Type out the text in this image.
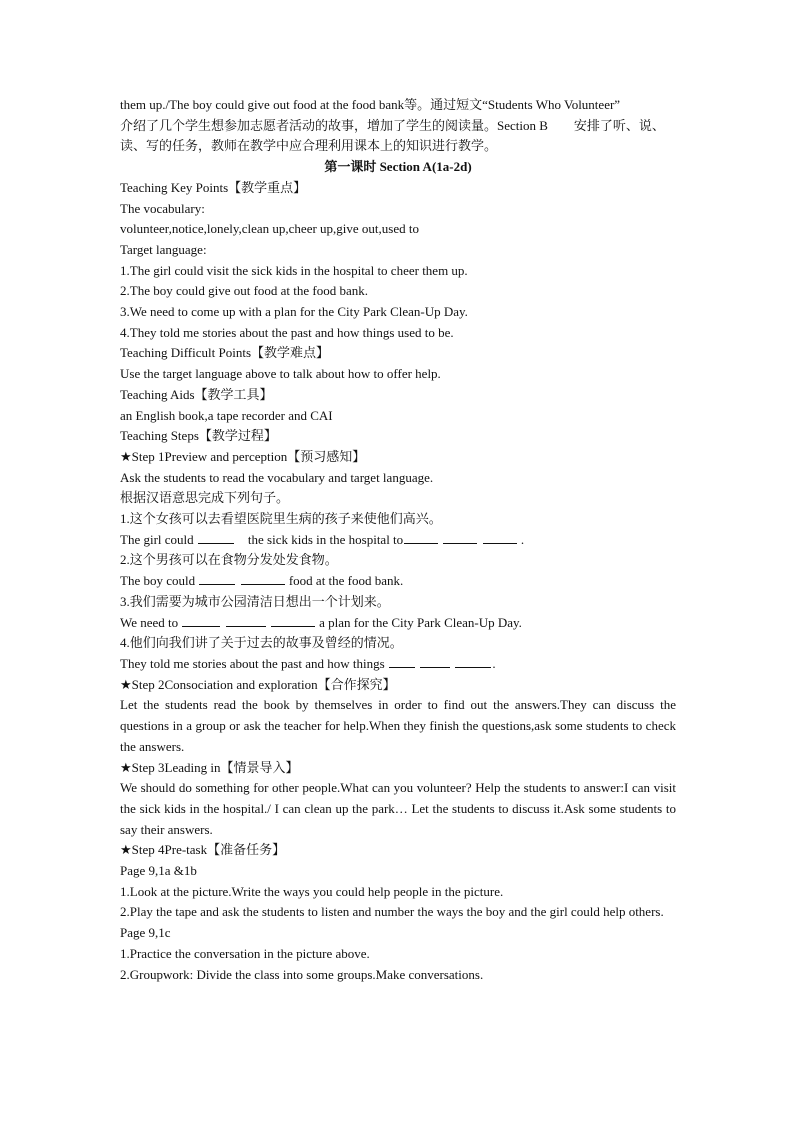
them up./The boy could give out food at the food bank等。通过短文“Students Who Volunteer”
介绍了几个学生想参加志愿者活动的故事，增加了学生的阅读量。Section B　　安排了听、说、
读、写的任务，教师在教学中应合理利用课本上的知识进行教学。
第一课时 Section A(1a-2d)
Teaching Key Points【教学重点】
The vocabulary:
volunteer,notice,lonely,clean up,cheer up,give out,used to
Target language:
1.The girl could visit the sick kids in the hospital to cheer them up.
2.The boy could give out food at the food bank.
3.We need to come up with a plan for the City Park Clean-Up Day.
4.They told me stories about the past and how things used to be.
Teaching Difficult Points【教学难点】
Use the target language above to talk about how to offer help.
Teaching Aids【教学工具】
an English book,a tape recorder and CAI
Teaching Steps【教学过程】
★Step 1Preview and perception【预习感知】
Ask the students to read the vocabulary and target language.
根据汉语意思完成下列句子。
1.这个女孩可以去看望医院里生病的孩子来使他们高兴。
The girl could	the sick kids in the hospital to	.
2.这个男孩可以在食物分发处发食物。
The boy could	food at the food bank.
3.我们需要为城市公园清洁日想出一个计划来。
We need to	a plan for the City Park Clean-Up Day.
4.他们向我们讲了关于过去的故事及曾经的情况。
They told me stories about the past and how things	.
★Step 2Consociation and exploration【合作探究】
Let the students read the book by themselves in order to find out the answers.They can discuss the questions in a group or ask the teacher for help.When they finish the questions,ask some students to check the answers.
★Step 3Leading in【情景导入】
We should do something for other people.What can you volunteer? Help the students to answer:I can visit the sick kids in the hospital./ I can clean up the park… Let the students to discuss it.Ask some students to say their answers.
★Step 4Pre-task【准备任务】
Page 9,1a &1b
1.Look at the picture.Write the ways you could help people in the picture.
2.Play the tape and ask the students to listen and number the ways the boy and the girl could help others.
Page 9,1c
1.Practice the conversation in the picture above.
2.Groupwork: Divide the class into some groups.Make conversations.
